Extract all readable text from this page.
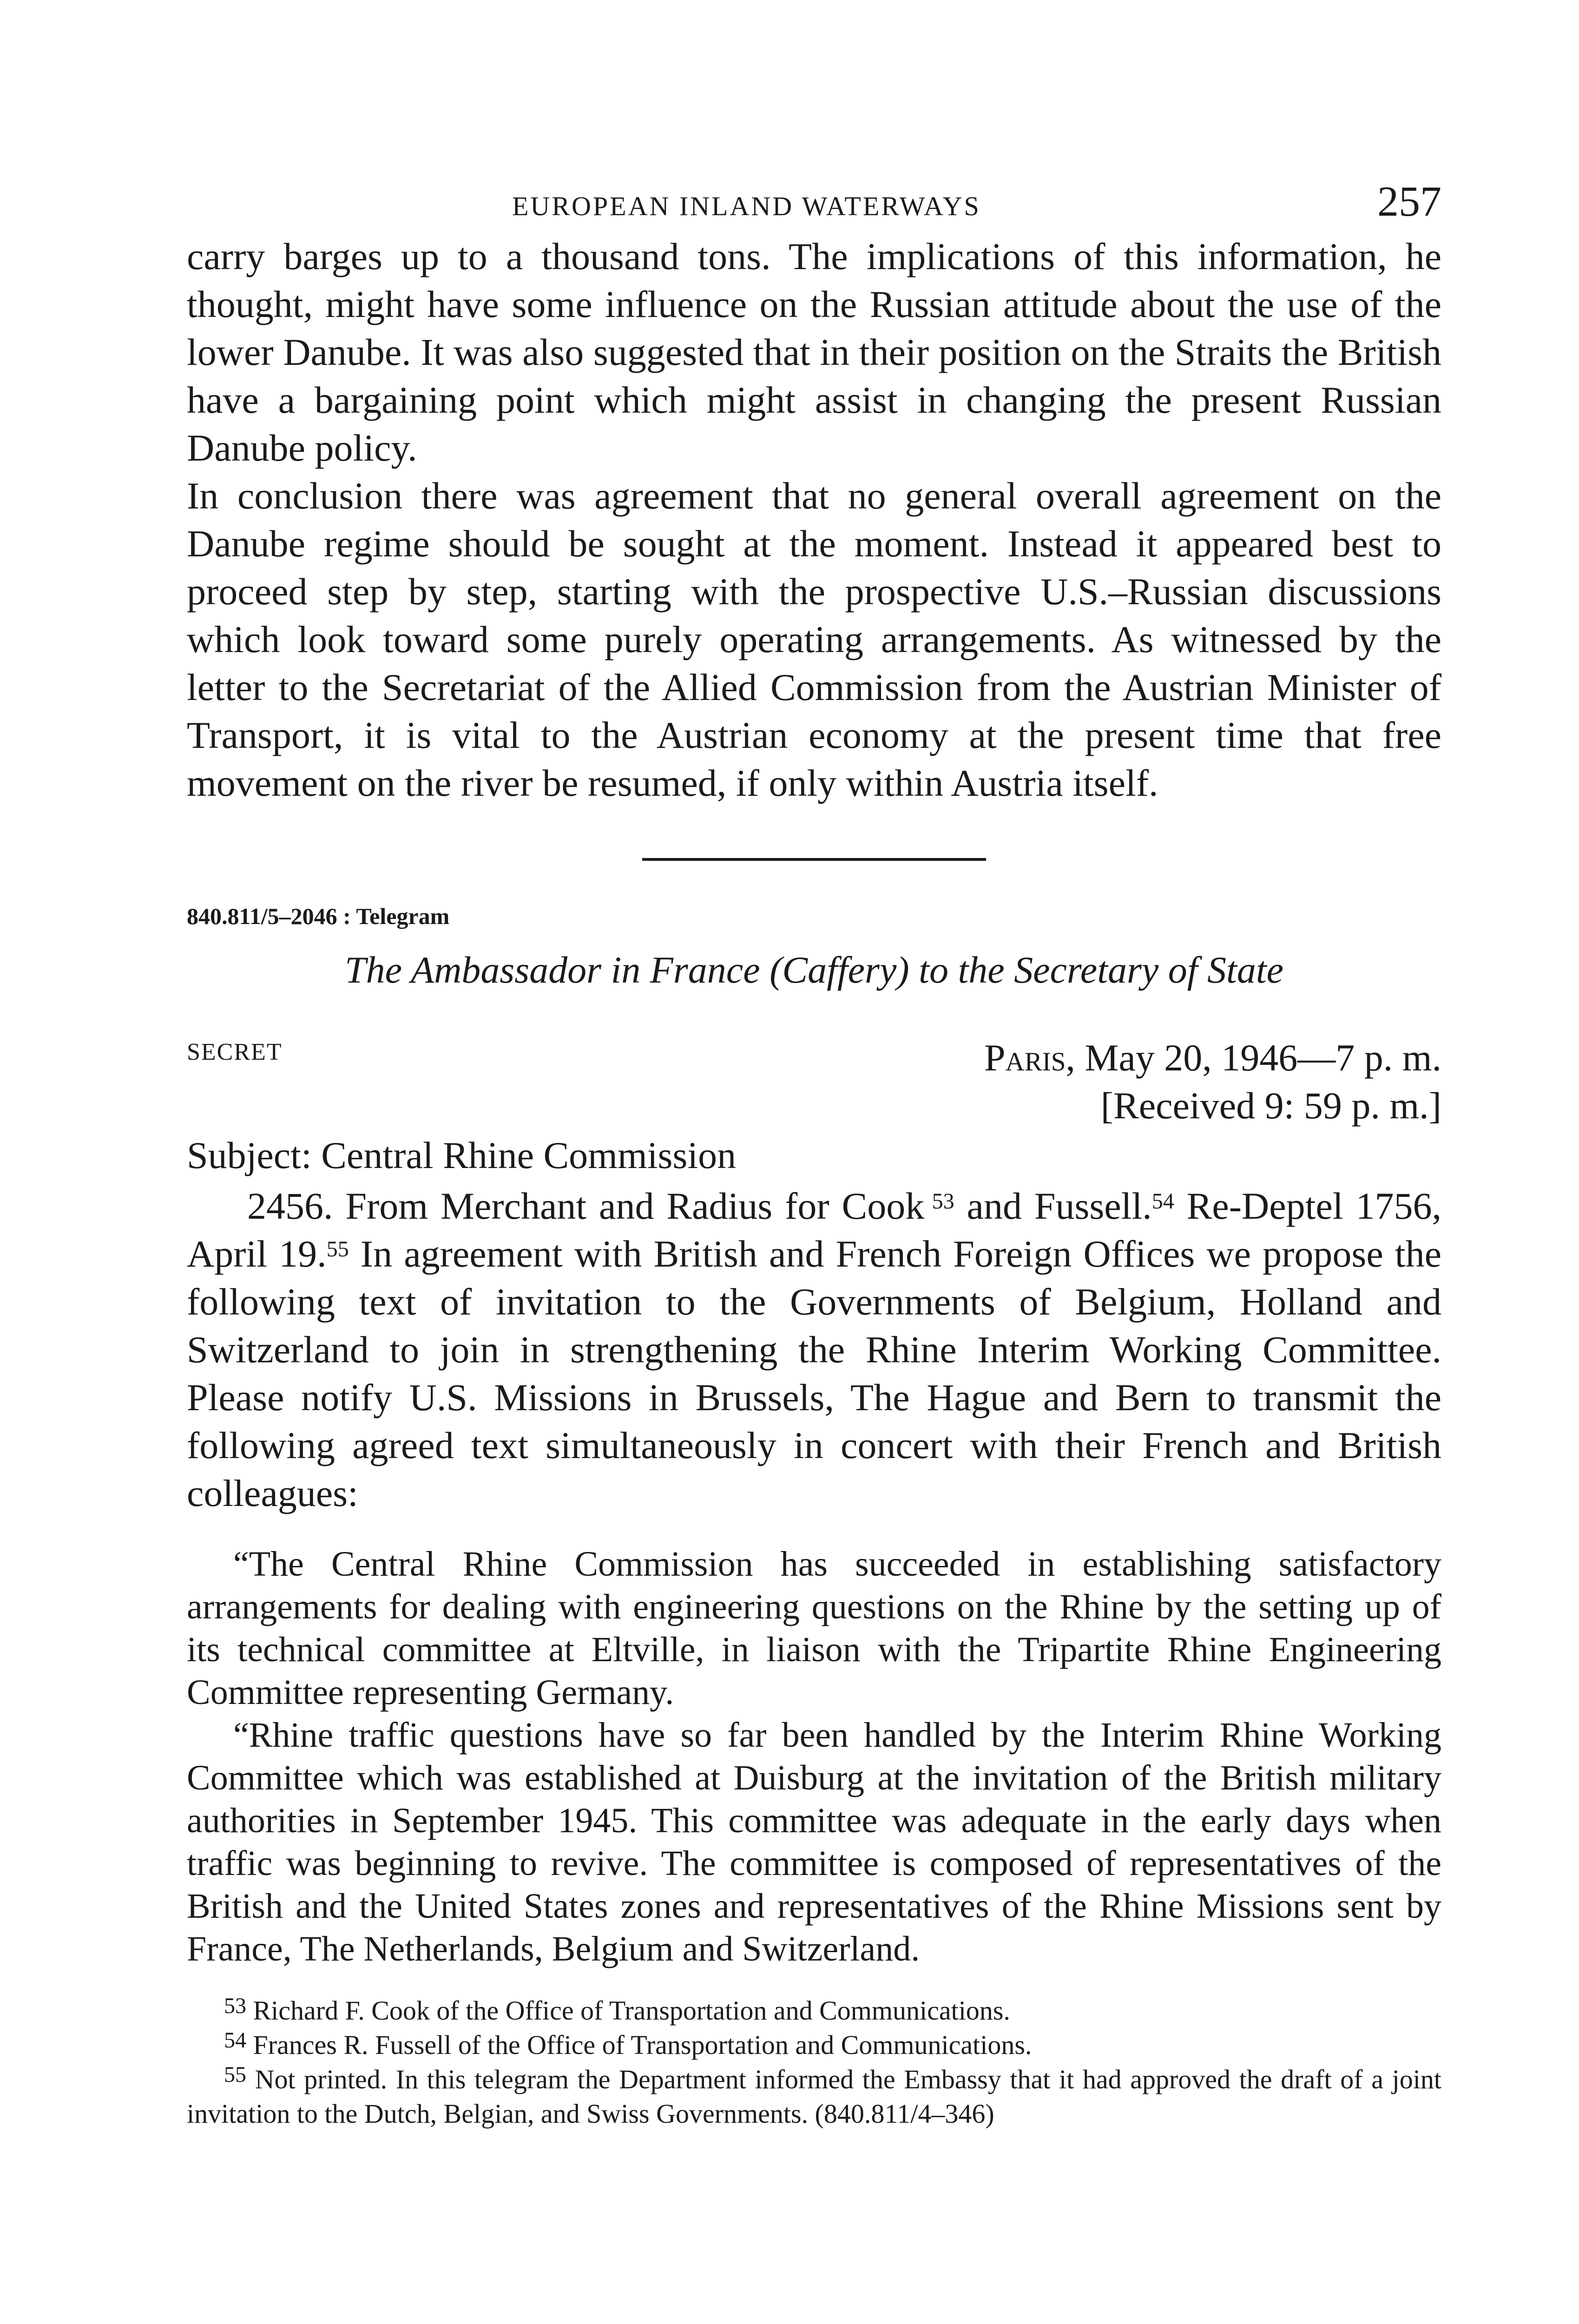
EUROPEAN INLAND WATERWAYS	257

carry barges up to a thousand tons. The implications of this information, he thought, might have some influence on the Russian attitude about the use of the lower Danube. It was also suggested that in their position on the Straits the British have a bargaining point which might assist in changing the present Russian Danube policy.

In conclusion there was agreement that no general overall agreement on the Danube regime should be sought at the moment. Instead it appeared best to proceed step by step, starting with the prospective U.S.–Russian discussions which look toward some purely operating arrangements. As witnessed by the letter to the Secretariat of the Allied Commission from the Austrian Minister of Transport, it is vital to the Austrian economy at the present time that free movement on the river be resumed, if only within Austria itself.

840.811/5–2046 : Telegram

The Ambassador in France (Caffery) to the Secretary of State

SECRET	Paris, May 20, 1946—7 p. m.
[Received 9: 59 p. m.]

Subject: Central Rhine Commission

2456. From Merchant and Radius for Cook  $^{53}$ and Fussell.$^{54}$ Re-Deptel 1756, April 19.55 In agreement with British and French Foreign Offices we propose the following text of invitation to the Governments of Belgium, Holland and Switzerland to join in strengthening the Rhine Interim Working Committee. Please notify U.S. Missions in Brussels, The Hague and Bern to transmit the following agreed text simultaneously in concert with their French and British colleagues:

“The Central Rhine Commission has succeeded in establishing satisfactory arrangements for dealing with engineering questions on the Rhine by the setting up of its technical committee at Eltville, in liaison with the Tripartite Rhine Engineering Committee representing Germany.

“Rhine traffic questions have so far been handled by the Interim Rhine Working Committee which was established at Duisburg at the invitation of the British military authorities in September 1945. This committee was adequate in the early days when traffic was beginning to revive. The committee is composed of representatives of the British and the United States zones and representatives of the Rhine Missions sent by France, The Netherlands, Belgium and Switzerland.

$^{53}$ Richard F. Cook of the Office of Transportation and Communications.

$^{54}$ Frances R. Fussell of the Office of Transportation and Communications.

$^{55}$ Not printed. In this telegram the Department informed the Embassy that it had approved the draft of a joint invitation to the Dutch, Belgian, and Swiss Governments. (840.811/4–346)
